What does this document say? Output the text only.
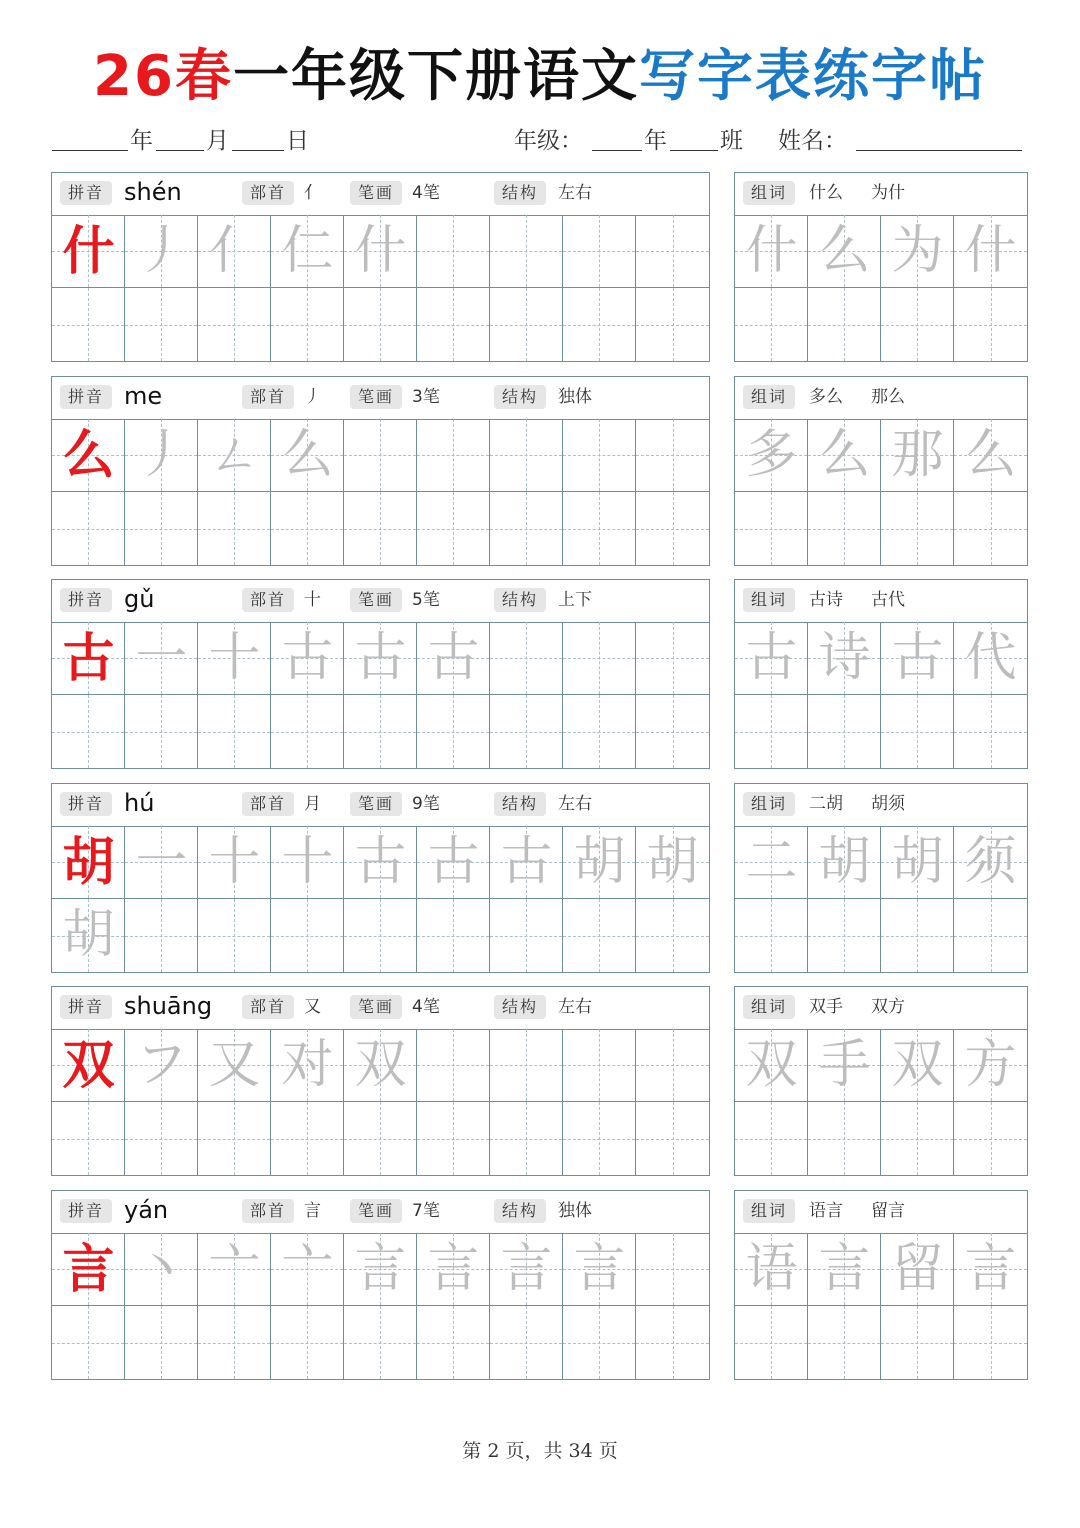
26春一年级下册语文写字表练字帖
年 月 日	年级：	年 班 姓名：
拼音 shén	部首	亻	笔画	4笔	结构	左右
什 丿 亻 仁 什
组词	什么 为什
什 么 为 什
拼音 me	部首	丿	笔画	3笔	结构	独体
么 丿 ㄥ 么
组词	多么 那么
多 么 那 么
拼音 gǔ	部首	十	笔画	5笔	结构	上下
古 一 十 古 古 古
组词	古诗 古代
古 诗 古 代
拼音 hú	部首	月	笔画	9笔	结构	左右
胡 一 十 十 古 古 古 胡 胡
胡
组词	二胡 胡须
二 胡 胡 须
拼音 shuāng	部首	又	笔画	4笔	结构	左右
双 フ 又 对 双
组词	双手 双方
双 手 双 方
拼音 yán	部首	言	笔画	7笔	结构	独体
言 丶 亠 亠 言 言 言 言
组词	语言 留言
语 言 留 言
第 2 页，共 34 页
